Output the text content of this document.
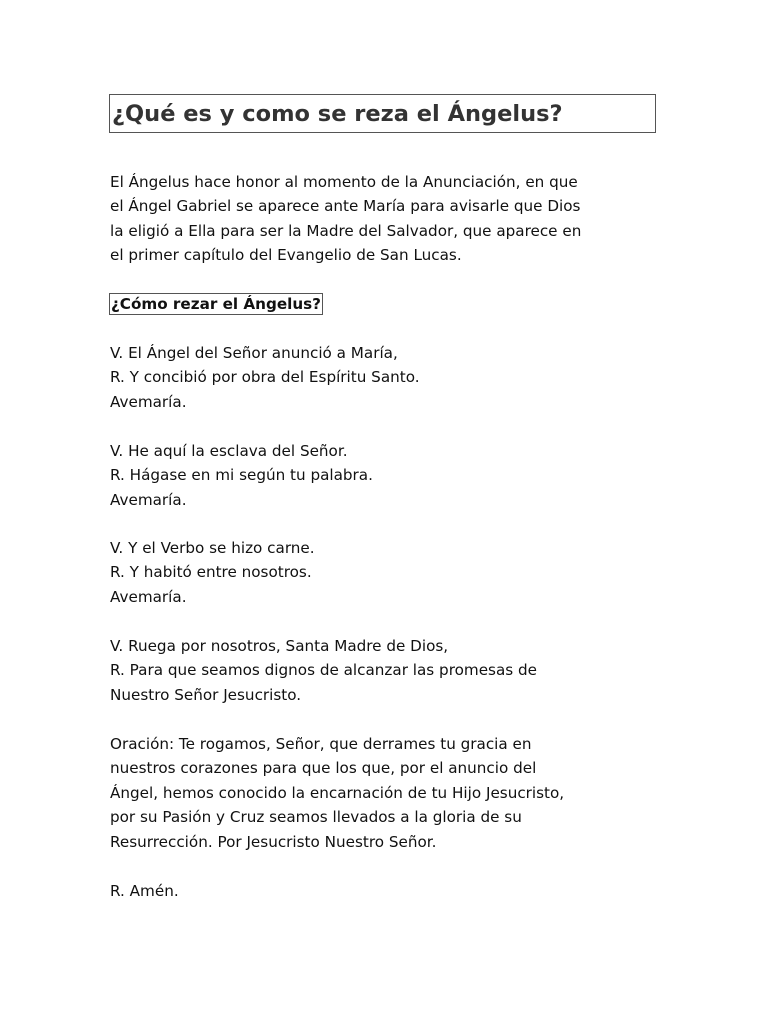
¿Qué es y como se reza el Ángelus?

El Ángelus hace honor al momento de la Anunciación, en que
el Ángel Gabriel se aparece ante María para avisarle que Dios
la eligió a Ella para ser la Madre del Salvador, que aparece en
el primer capítulo del Evangelio de San Lucas.

¿Cómo rezar el Ángelus?

V. El Ángel del Señor anunció a María,
R. Y concibió por obra del Espíritu Santo.
Avemaría.

V. He aquí la esclava del Señor.
R. Hágase en mi según tu palabra.
Avemaría.

V. Y el Verbo se hizo carne.
R. Y habitó entre nosotros.
Avemaría.

V. Ruega por nosotros, Santa Madre de Dios,
R. Para que seamos dignos de alcanzar las promesas de
Nuestro Señor Jesucristo.

Oración: Te rogamos, Señor, que derrames tu gracia en
nuestros corazones para que los que, por el anuncio del
Ángel, hemos conocido la encarnación de tu Hijo Jesucristo,
por su Pasión y Cruz seamos llevados a la gloria de su
Resurrección. Por Jesucristo Nuestro Señor.

R. Amén.
